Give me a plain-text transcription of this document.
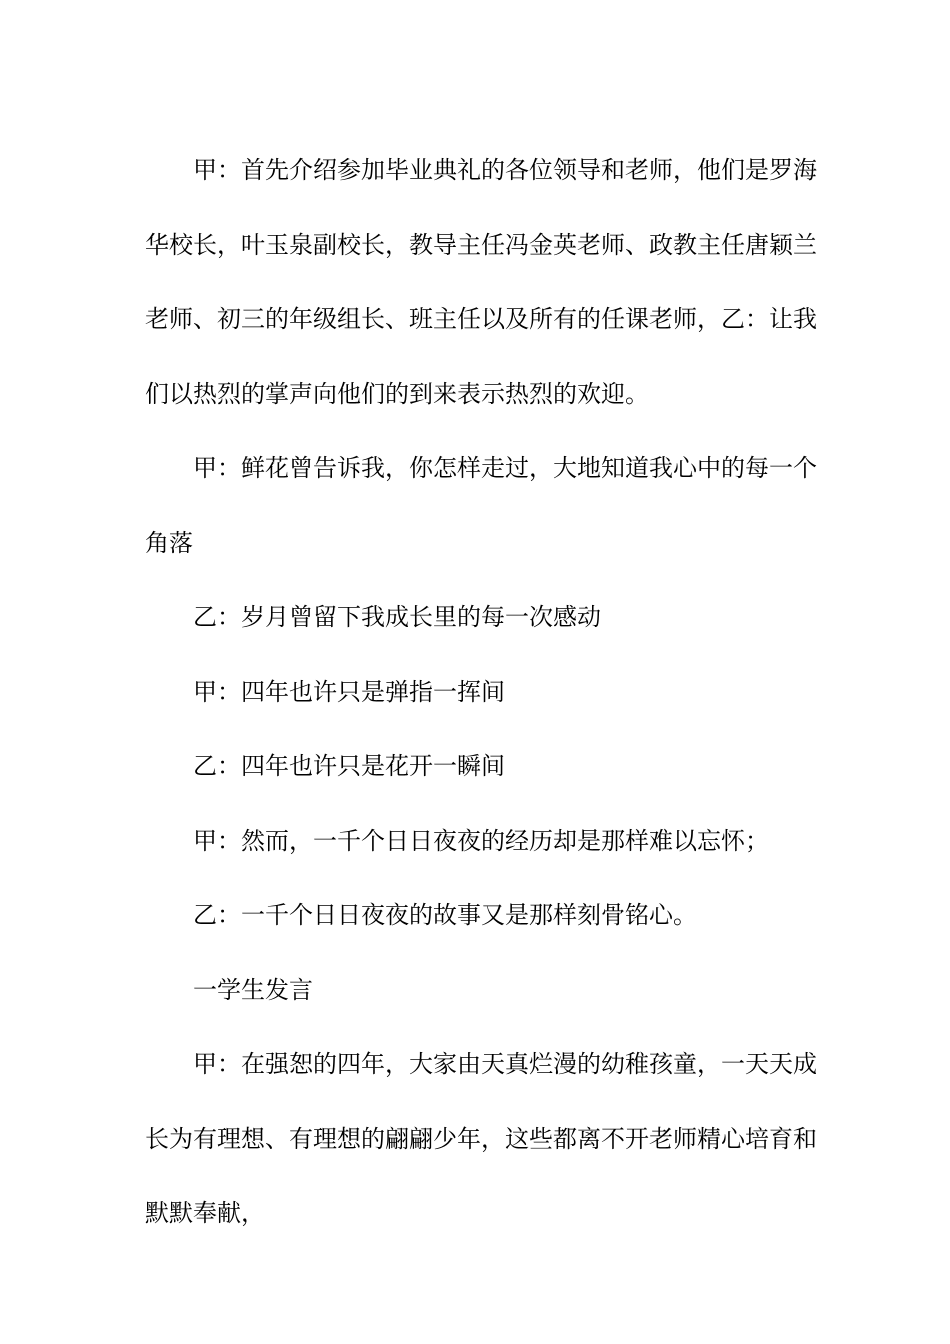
甲：首先介绍参加毕业典礼的各位领导和老师，他们是罗海华校长，叶玉泉副校长，教导主任冯金英老师、政教主任唐颖兰老师、初三的年级组长、班主任以及所有的任课老师，乙：让我们以热烈的掌声向他们的到来表示热烈的欢迎。

甲：鲜花曾告诉我，你怎样走过，大地知道我心中的每一个角落

乙：岁月曾留下我成长里的每一次感动

甲：四年也许只是弹指一挥间

乙：四年也许只是花开一瞬间

甲：然而，一千个日日夜夜的经历却是那样难以忘怀；

乙：一千个日日夜夜的故事又是那样刻骨铭心。

一学生发言

甲：在强恕的四年，大家由天真烂漫的幼稚孩童，一天天成长为有理想、有理想的翩翩少年，这些都离不开老师精心培育和默默奉献，
